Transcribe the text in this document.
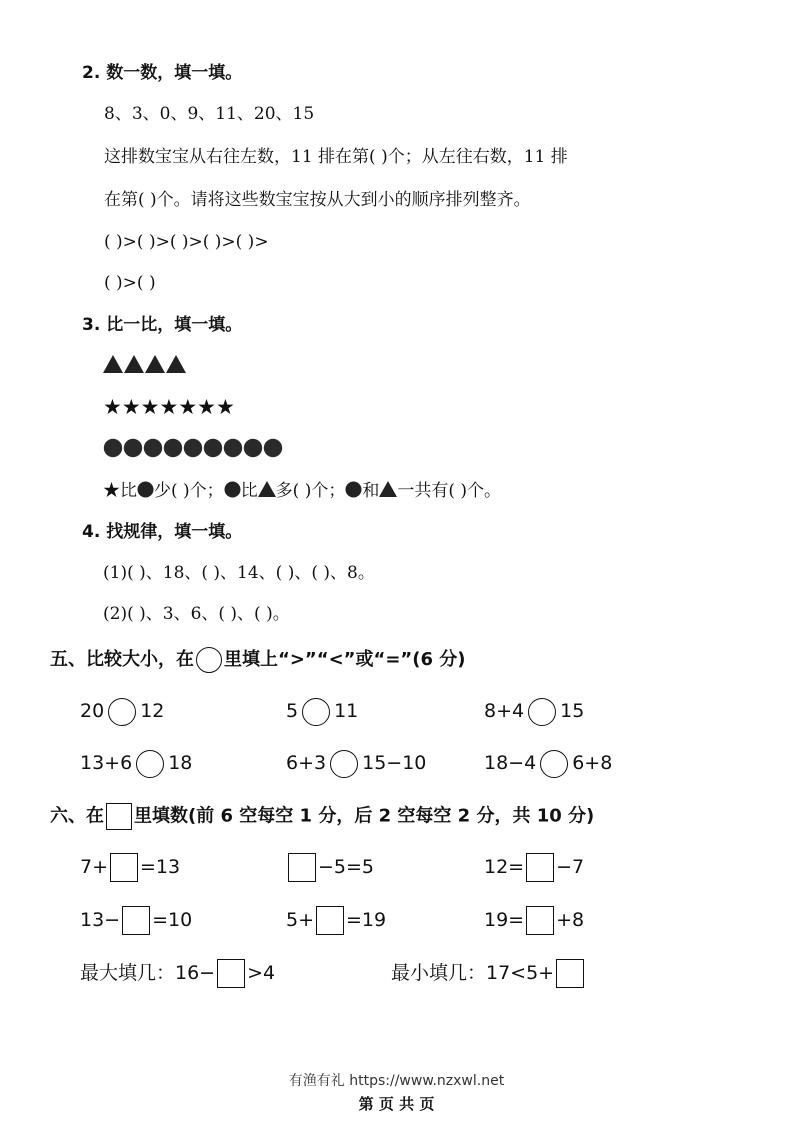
2. 数一数，填一填。
8、3、0、9、11、20、15
这排数宝宝从右往左数，11 排在第( )个；从左往右数，11 排
在第( )个。请将这些数宝宝按从大到小的顺序排列整齐。
( )>( )>( )>( )>( )>
( )>( )
3. 比一比，填一填。
★ ★ ★ ★ ★ ★ ★
★比 少( )个； 比 多( )个； 和 一共有( )个。
4. 找规律，填一填。
(1)( )、18、( )、14、( )、( )、8。
(2)( )、3、6、( )、( )。
五、比较大小，在 里填上“>”“<”或“=”(6 分)
20 12	5 11	8+4 15
13+6 18	6+3 15−10	18−4 6+8
六、在 里填数(前 6 空每空 1 分，后 2 空每空 2 分，共 10 分)
7+ =13	−5=5	12= −7
13− =10	5+ =19	19= +8
最大填几：16− >4	最小填几：17<5+
有渔有礼 https://www.nzxwl.net
第 页 共 页
